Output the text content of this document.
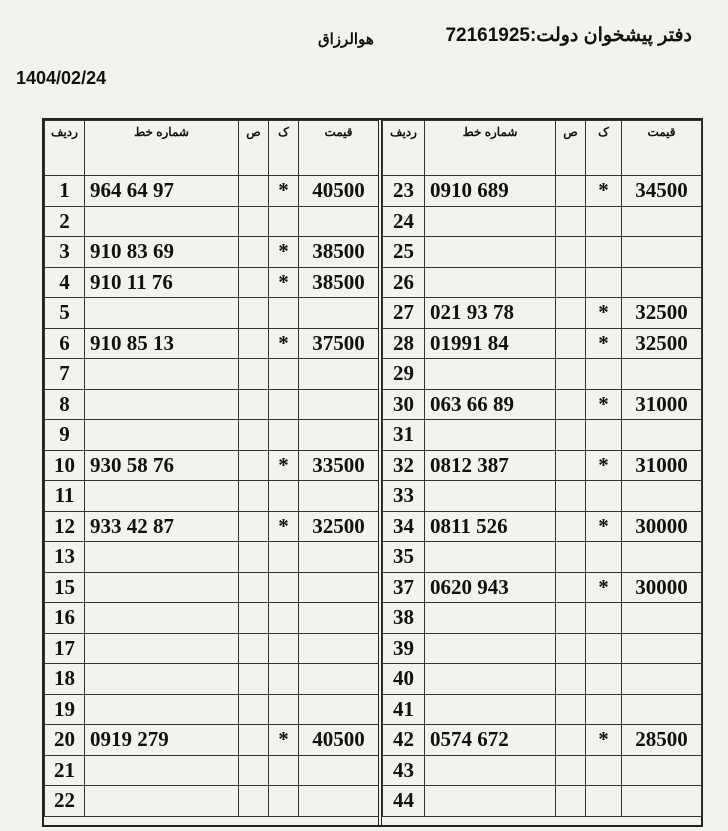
دفتر پیشخوان دولت:72161925
هوالرزاق
1404/02/24
ردیف	شماره خط	ص	ک	قیمت
1	964 64 97		*	40500
2				
3	910 83 69		*	38500
4	910 11 76		*	38500
5				
6	910 85 13		*	37500
7				
8				
9				
10	930 58 76		*	33500
11				
12	933 42 87		*	32500
13				
15				
16				
17				
18				
19				
20	0919 279		*	40500
21				
22				
ردیف	شماره خط	ص	ک	قیمت
23	0910 689		*	34500
24				
25				
26				
27	021 93 78		*	32500
28	01991 84		*	32500
29				
30	063 66 89		*	31000
31				
32	0812 387		*	31000
33				
34	0811 526		*	30000
35				
37	0620 943		*	30000
38				
39				
40				
41				
42	0574 672		*	28500
43				
44				
